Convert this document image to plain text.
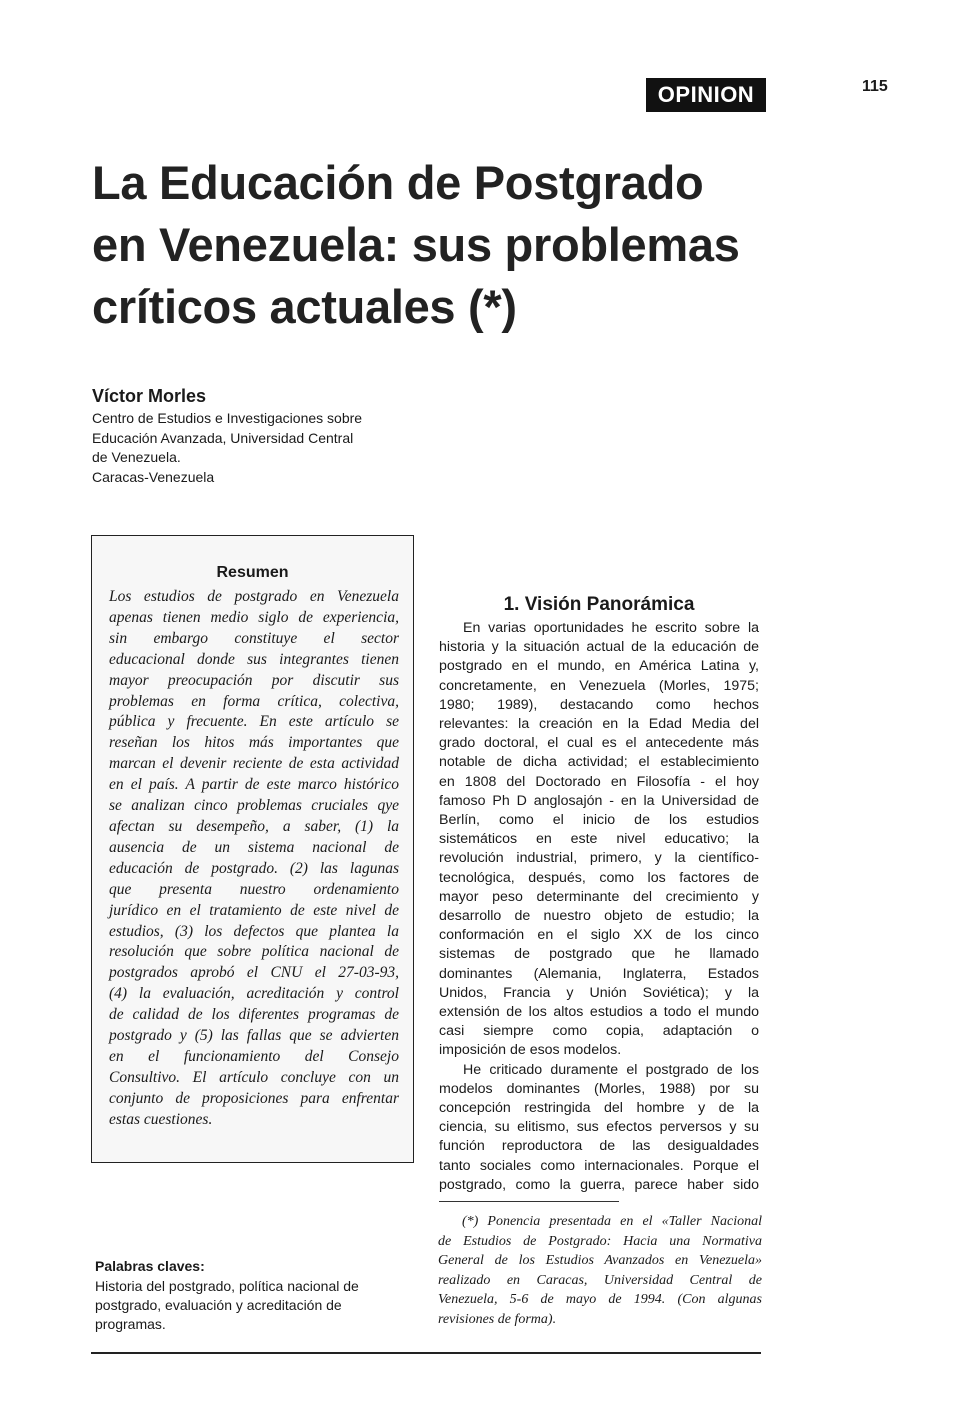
OPINION	115
La Educación de Postgrado
en Venezuela: sus problemas
críticos actuales (*)
Víctor Morles
Centro de Estudios e Investigaciones sobre
Educación Avanzada, Universidad Central
de Venezuela.
Caracas-Venezuela
Resumen
Los estudios de postgrado en Venezuela
apenas tienen medio siglo de experiencia,
sin embargo constituye el sector
educacional donde sus integrantes tienen
mayor preocupación por discutir sus
problemas en forma crítica, colectiva,
pública y frecuente. En este artículo se
reseñan los hitos más importantes que
marcan el devenir reciente de esta actividad
en el país. A partir de este marco histórico
se analizan cinco problemas cruciales qye
afectan su desempeño, a saber, (1) la
ausencia de un sistema nacional de
educación de postgrado. (2) las lagunas
que presenta nuestro ordenamiento
jurídico en el tratamiento de este nivel de
estudios, (3) los defectos que plantea la
resolución que sobre política nacional de
postgrados aprobó el CNU el 27-03-93,
(4) la evaluación, acreditación y control
de calidad de los diferentes programas de
postgrado y (5) las fallas que se advierten
en el funcionamiento del Consejo
Consultivo. El artículo concluye con un
conjunto de proposiciones para enfrentar
estas cuestiones.
Palabras claves:
Historia del postgrado, política nacional de
postgrado, evaluación y acreditación de
programas.
1. Visión Panorámica
En varias oportunidades he escrito sobre la
historia y la situación actual de la educación de
postgrado en el mundo, en América Latina y,
concretamente, en Venezuela (Morles, 1975;
1980; 1989), destacando como hechos
relevantes: la creación en la Edad Media del
grado doctoral, el cual es el antecedente más
notable de dicha actividad; el establecimiento
en 1808 del Doctorado en Filosofía - el hoy
famoso Ph D anglosajón - en la Universidad de
Berlín, como el inicio de los estudios
sistemáticos en este nivel educativo; la
revolución industrial, primero, y la científico-
tecnológica, después, como los factores de
mayor peso determinante del crecimiento y
desarrollo de nuestro objeto de estudio; la
conformación en el siglo XX de los cinco
sistemas de postgrado que he llamado
dominantes (Alemania, Inglaterra, Estados
Unidos, Francia y Unión Soviética); y la
extensión de los altos estudios a todo el mundo
casi siempre como copia, adaptación o
imposición de esos modelos.
He criticado duramente el postgrado de los
modelos dominantes (Morles, 1988) por su
concepción restringida del hombre y de la
ciencia, su elitismo, sus efectos perversos y su
función reproductora de las desigualdades
tanto sociales como internacionales. Porque el
postgrado, como la guerra, parece haber sido
(*) Ponencia presentada en el «Taller Nacional
de Estudios de Postgrado: Hacia una Normativa
General de los Estudios Avanzados en Venezuela»
realizado en Caracas, Universidad Central de
Venezuela, 5-6 de mayo de 1994. (Con algunas
revisiones de forma).
